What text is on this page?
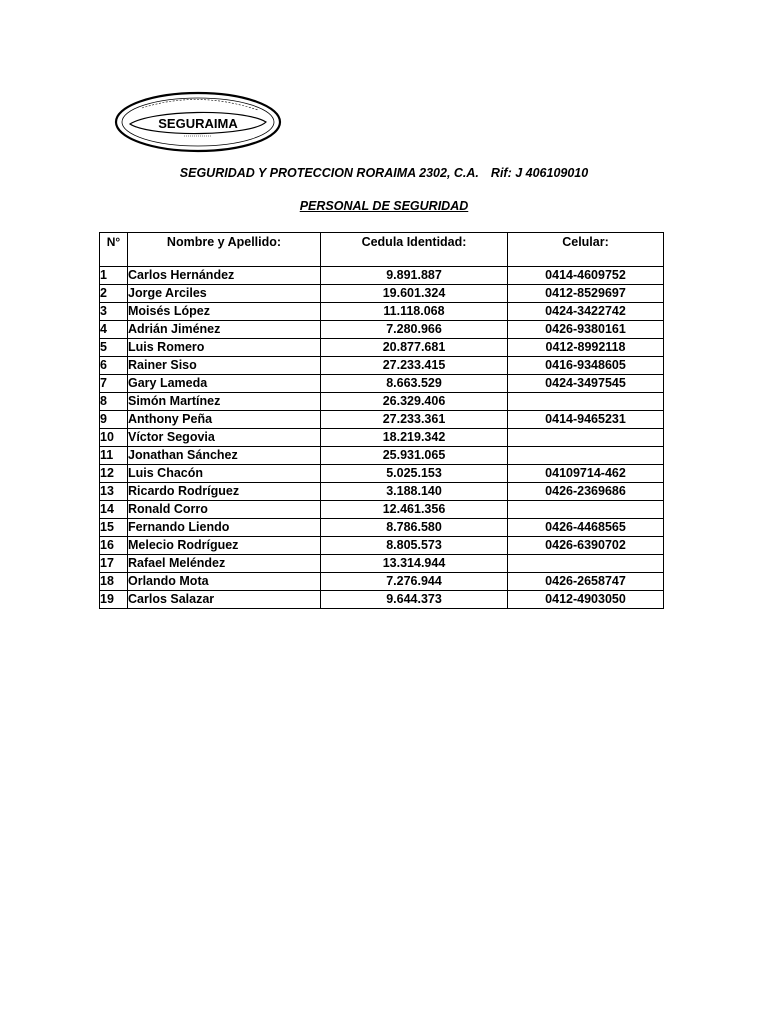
SEGURAIMA
SEGURIDAD Y PROTECCION RORAIMA 2302, C.A. Rif: J 406109010
PERSONAL DE SEGURIDAD
N°	Nombre y Apellido:	Cedula Identidad:	Celular:
1	Carlos Hernández	9.891.887	0414-4609752
2	Jorge Arciles	19.601.324	0412-8529697
3	Moisés López	11.118.068	0424-3422742
4	Adrián Jiménez	7.280.966	0426-9380161
5	Luis Romero	20.877.681	0412-8992118
6	Rainer Siso	27.233.415	0416-9348605
7	Gary Lameda	8.663.529	0424-3497545
8	Simón Martínez	26.329.406	
9	Anthony Peña	27.233.361	0414-9465231
10	Víctor Segovia	18.219.342	
11	Jonathan Sánchez	25.931.065	
12	Luis Chacón	5.025.153	04109714-462
13	Ricardo Rodríguez	3.188.140	0426-2369686
14	Ronald Corro	12.461.356	
15	Fernando Liendo	8.786.580	0426-4468565
16	Melecio Rodríguez	8.805.573	0426-6390702
17	Rafael Meléndez	13.314.944	
18	Orlando Mota	7.276.944	0426-2658747
19	Carlos Salazar	9.644.373	0412-4903050
